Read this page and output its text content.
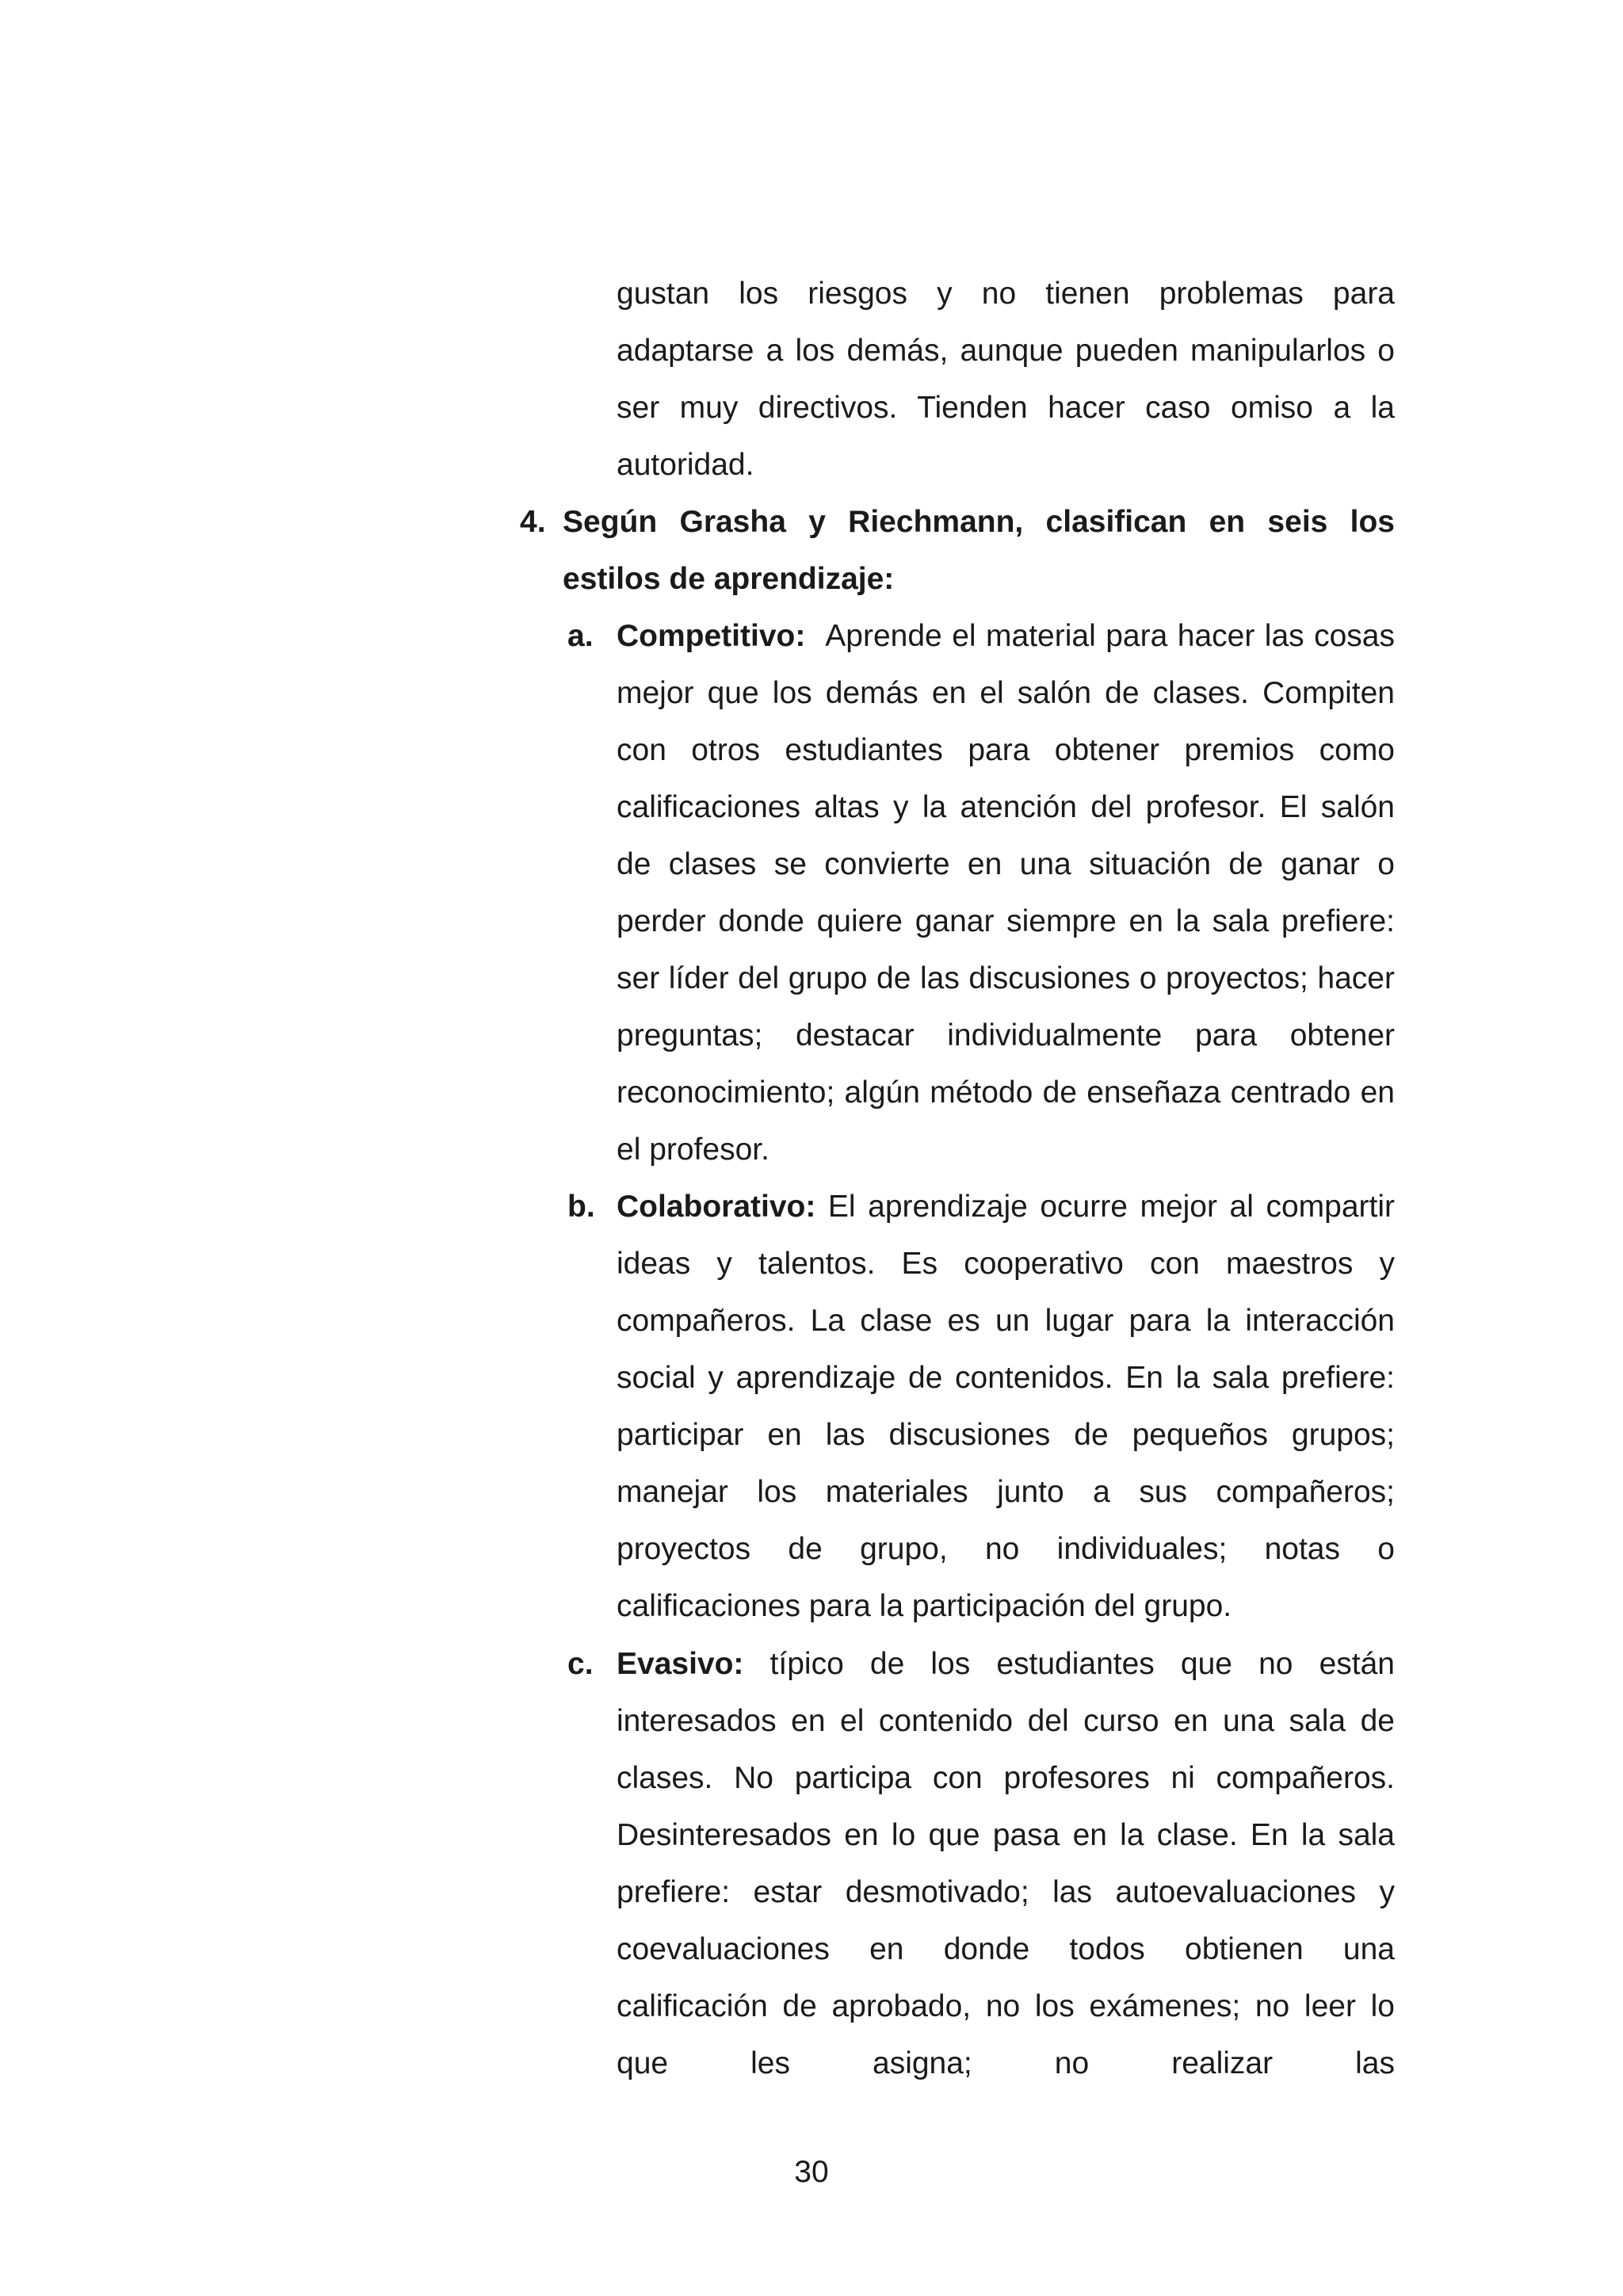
gustan los riesgos y no tienen problemas para adaptarse a los demás, aunque pueden manipularlos o ser muy directivos. Tienden hacer caso omiso a la autoridad.
4. Según Grasha y Riechmann, clasifican en seis los estilos de aprendizaje:
a. Competitivo: Aprende el material para hacer las cosas mejor que los demás en el salón de clases. Compiten con otros estudiantes para obtener premios como calificaciones altas y la atención del profesor. El salón de clases se convierte en una situación de ganar o perder donde quiere ganar siempre en la sala prefiere: ser líder del grupo de las discusiones o proyectos; hacer preguntas; destacar individualmente para obtener reconocimiento; algún método de enseñaza centrado en el profesor.
b. Colaborativo: El aprendizaje ocurre mejor al compartir ideas y talentos. Es cooperativo con maestros y compañeros. La clase es un lugar para la interacción social y aprendizaje de contenidos. En la sala prefiere: participar en las discusiones de pequeños grupos; manejar los materiales junto a sus compañeros; proyectos de grupo, no individuales; notas o calificaciones para la participación del grupo.
c. Evasivo: típico de los estudiantes que no están interesados en el contenido del curso en una sala de clases. No participa con profesores ni compañeros. Desinteresados en lo que pasa en la clase. En la sala prefiere: estar desmotivado; las autoevaluaciones y coevaluaciones en donde todos obtienen una calificación de aprobado, no los exámenes; no leer lo que les asigna; no realizar las
30
